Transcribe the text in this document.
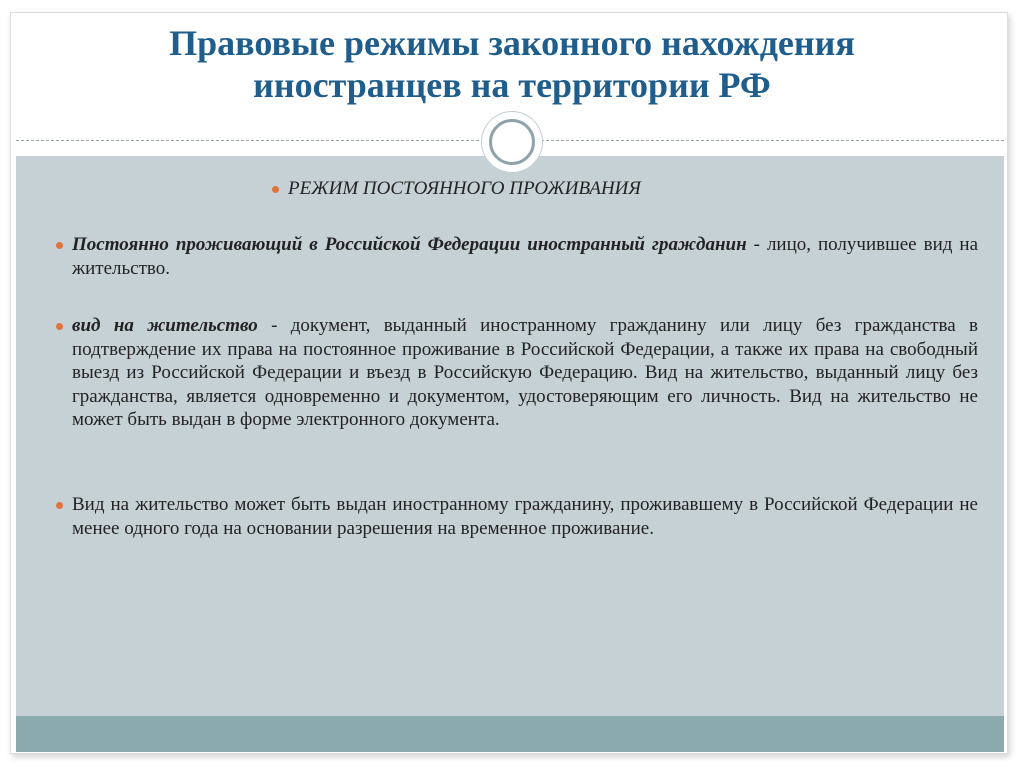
Правовые режимы законного нахождения
иностранцев на территории РФ
РЕЖИМ ПОСТОЯННОГО ПРОЖИВАНИЯ
Постоянно проживающий в Российской Федерации иностранный гражданин - лицо, получившее вид на жительство.
вид на жительство - документ, выданный иностранному гражданину или лицу без гражданства в подтверждение их права на постоянное проживание в Российской Федерации, а также их права на свободный выезд из Российской Федерации и въезд в Российскую Федерацию. Вид на жительство, выданный лицу без гражданства, является одновременно и документом, удостоверяющим его личность. Вид на жительство не может быть выдан в форме электронного документа.
Вид на жительство может быть выдан иностранному гражданину, проживавшему в Российской Федерации не менее одного года на основании разрешения на временное проживание.
